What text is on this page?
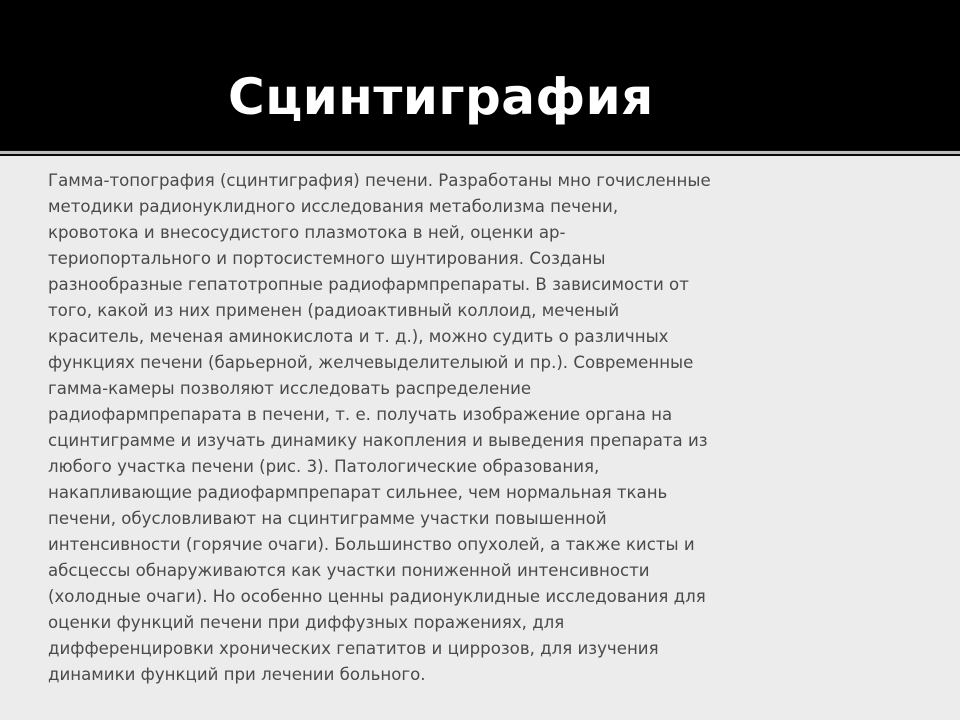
Сцинтиграфия

Гамма-топография (сцинтиграфия) печени. Разработаны мно гочисленные
методики радионуклидного исследования метаболизма печени,
кровотока и внесосудистого плазмотока в ней, оценки ар-
териопортального и портосистемного шунтирования. Созданы
разнообразные гепатотропные радиофармпрепараты. В зависимости от
того, какой из них применен (радиоактивный коллоид, меченый
краситель, меченая аминокислота и т. д.), можно судить о различных
функциях печени (барьерной, желчевыделителыюй и пр.). Современные
гамма-камеры позволяют исследовать распределение
радиофармпрепарата в печени, т. е. получать изображение органа на
сцинтиграмме и изучать динамику накопления и выведения препарата из
любого участка печени (рис. 3). Патологические образования,
накапливающие радиофармпрепарат сильнее, чем нормальная ткань
печени, обусловливают на сцинтиграмме участки повышенной
интенсивности (горячие очаги). Большинство опухолей, а также кисты и
абсцессы обнаруживаются как участки пониженной интенсивности
(холодные очаги). Но особенно ценны радионуклидные исследования для
оценки функций печени при диффузных поражениях, для
дифференцировки хронических гепатитов и циррозов, для изучения
динамики функций при лечении больного.
